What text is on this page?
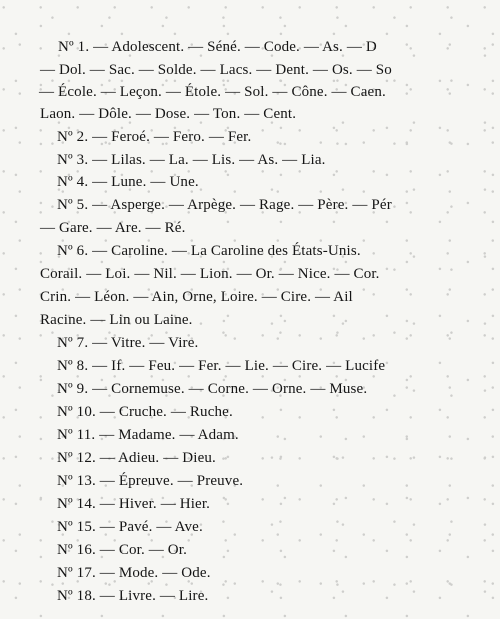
Nº 1. — Adolescent. — Séné. — Code. — As. — D
— Dol. — Sac. — Solde. — Lacs. — Dent. — Os. — So
— École. — Leçon. — Étole. — Sol. — Cône. — Caen.
Laon. — Dôle. — Dose. — Ton. — Cent.
Nº 2. — Feroé. — Fero. — Fer.
Nº 3. — Lilas. — La. — Lis. — As. — Lia.
Nº 4. — Lune. — Une.
Nº 5. — Asperge. — Arpège. — Rage. — Père. — Pér
— Gare. — Are. — Ré.
Nº 6. — Caroline. — La Caroline des États-Unis.
Corail. — Loi. — Nil. — Lion. — Or. — Nice. — Cor.
Crin. — Léon. — Ain, Orne, Loire. — Cire. — Ail
Racine. — Lin ou Laine.
Nº 7. — Vitre. — Vire.
Nº 8. — If. — Feu. — Fer. — Lie. — Cire. — Lucife
Nº 9. — Cornemuse. — Corne. — Orne. — Muse.
Nº 10. — Cruche. — Ruche.
Nº 11. — Madame. — Adam.
Nº 12. — Adieu. — Dieu.
Nº 13. — Épreuve. — Preuve.
Nº 14. — Hiver. — Hier.
Nº 15. — Pavé. — Ave.
Nº 16. — Cor. — Or.
Nº 17. — Mode. — Ode.
Nº 18. — Livre. — Lire.
